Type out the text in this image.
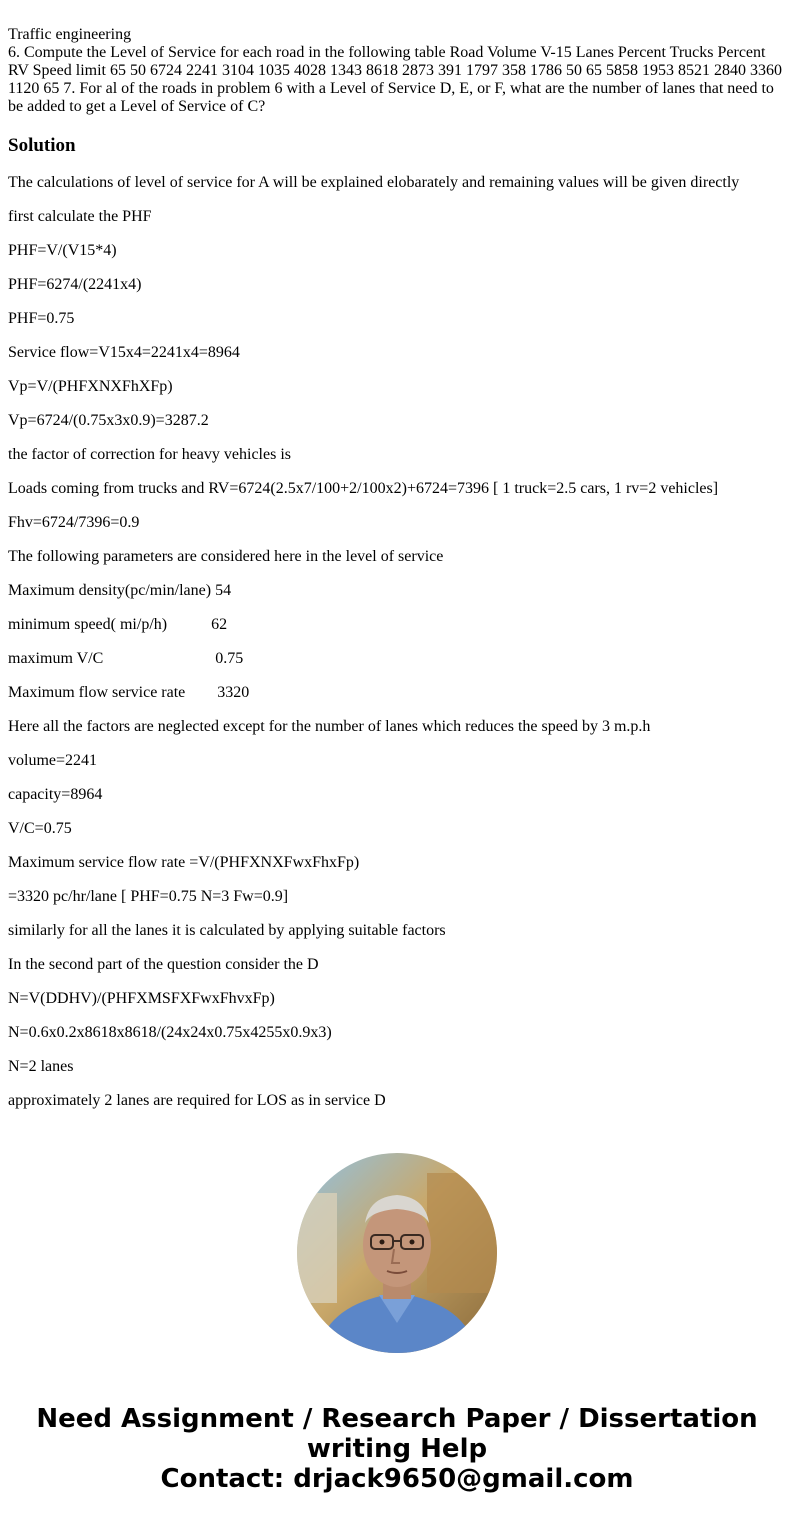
Traffic engineering

6. Compute the Level of Service for each road in the following table Road Volume V-15 Lanes Percent Trucks Percent RV Speed limit 65 50 6724 2241 3104 1035 4028 1343 8618 2873 391 1797 358 1786 50 65 5858 1953 8521 2840 3360 1120 65 7. For al of the roads in problem 6 with a Level of Service D, E, or F, what are the number of lanes that need to be added to get a Level of Service of C?

Solution

The calculations of level of service for A will be explained elobarately and remaining values will be given directly

first calculate the PHF

PHF=V/(V15*4)

PHF=6274/(2241x4)

PHF=0.75

Service flow=V15x4=2241x4=8964

Vp=V/(PHFXNXFhXFp)

Vp=6724/(0.75x3x0.9)=3287.2

the factor of correction for heavy vehicles is

Loads coming from trucks and RV=6724(2.5x7/100+2/100x2)+6724=7396 [ 1 truck=2.5 cars, 1 rv=2 vehicles]

Fhv=6724/7396=0.9

The following parameters are considered here in the level of service

Maximum density(pc/min/lane) 54

minimum speed( mi/p/h)           62

maximum V/C                            0.75

Maximum flow service rate        3320

Here all the factors are neglected except for the number of lanes which reduces the speed by 3 m.p.h

volume=2241

capacity=8964

V/C=0.75

Maximum service flow rate =V/(PHFXNXFwxFhxFp)

=3320 pc/hr/lane [ PHF=0.75 N=3 Fw=0.9]

similarly for all the lanes it is calculated by applying suitable factors

In the second part of the question consider the D

N=V(DDHV)/(PHFXMSFXFwxFhvxFp)

N=0.6x0.2x8618x8618/(24x24x0.75x4255x0.9x3)

N=2 lanes

approximately 2 lanes are required for LOS as in service D

Need Assignment / Research Paper / Dissertation

writing Help

Contact: drjack9650@gmail.com
